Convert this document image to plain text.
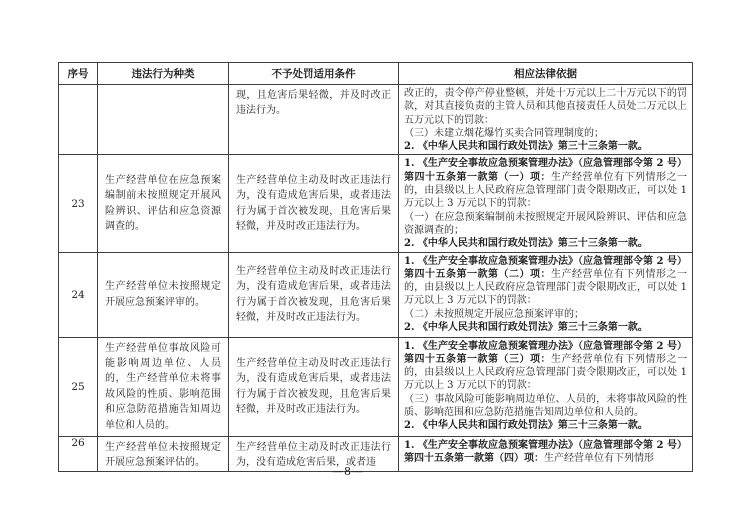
序号	违法行为种类	不予处罚适用条件	相应法律依据

		现，且危害后果轻微，并及时改正违法行为。	改正的，责令停产停业整顿，并处十万元以上二十万元以下的罚款，对其直接负责的主管人员和其他直接责任人员处二万元以上五万元以下的罚款：
（三）未建立烟花爆竹买卖合同管理制度的；
2. 《中华人民共和国行政处罚法》第三十三条第一款。

23	生产经营单位在应急预案编制前未按照规定开展风险辨识、评估和应急资源调查的。	生产经营单位主动及时改正违法行为，没有造成危害后果，或者违法行为属于首次被发现，且危害后果轻微，并及时改正违法行为。	1. 《生产安全事故应急预案管理办法》（应急管理部令第 2 号）第四十五条第一款第（一）项：生产经营单位有下列情形之一的，由县级以上人民政府应急管理部门责令限期改正，可以处 1 万元以上 3 万元以下的罚款：
（一）在应急预案编制前未按照规定开展风险辨识、评估和应急资源调查的；
2. 《中华人民共和国行政处罚法》第三十三条第一款。

24	生产经营单位未按照规定开展应急预案评审的。	生产经营单位主动及时改正违法行为，没有造成危害后果，或者违法行为属于首次被发现，且危害后果轻微，并及时改正违法行为。	1. 《生产安全事故应急预案管理办法》（应急管理部令第 2 号）第四十五条第一款第（二）项：生产经营单位有下列情形之一的，由县级以上人民政府应急管理部门责令限期改正，可以处 1 万元以上 3 万元以下的罚款：
（二）未按照规定开展应急预案评审的；
2. 《中华人民共和国行政处罚法》第三十三条第一款。

25	生产经营单位事故风险可能影响周边单位、人员的，生产经营单位未将事故风险的性质、影响范围和应急防范措施告知周边单位和人员的。	生产经营单位主动及时改正违法行为，没有造成危害后果，或者违法行为属于首次被发现，且危害后果轻微，并及时改正违法行为。	1. 《生产安全事故应急预案管理办法》（应急管理部令第 2 号）第四十五条第一款第（三）项：生产经营单位有下列情形之一的，由县级以上人民政府应急管理部门责令限期改正，可以处 1 万元以上 3 万元以下的罚款：
（三）事故风险可能影响周边单位、人员的，未将事故风险的性质、影响范围和应急防范措施告知周边单位和人员的。
2. 《中华人民共和国行政处罚法》第三十三条第一款。

26	生产经营单位未按照规定开展应急预案评估的。	生产经营单位主动及时改正违法行为，没有造成危害后果，或者违	1. 《生产安全事故应急预案管理办法》（应急管理部令第 2 号）第四十五条第一款第（四）项：生产经营单位有下列情形
—8—
